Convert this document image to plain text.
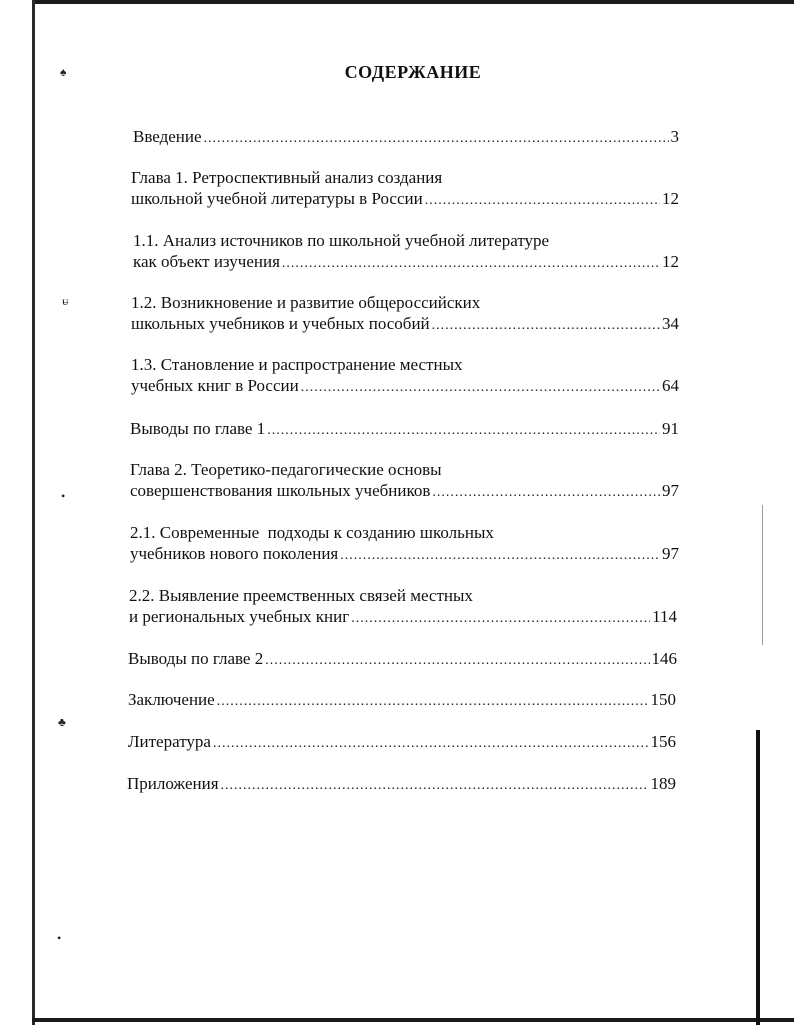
♠
ᵾ
•
♣
•
СОДЕРЖАНИЕ
Введение .....	3
Глава 1. Ретроспективный анализ создания
школьной учебной литературы в России .....	12
1.1. Анализ источников по школьной учебной литературе
как объект изучения .....	12
1.2. Возникновение и развитие общероссийских
школьных учебников и учебных пособий .....	34
1.3. Становление и распространение местных
учебных книг в России .....	64
Выводы по главе 1 .....	91
Глава 2. Теоретико-педагогические основы
совершенствования школьных учебников .....	97
2.1. Современные  подходы к созданию школьных
учебников нового поколения .....	97
2.2. Выявление преемственных связей местных
и региональных учебных книг .....	114
Выводы по главе 2 .....	146
Заключение .....	150
Литература .....	156
Приложения .....	189
